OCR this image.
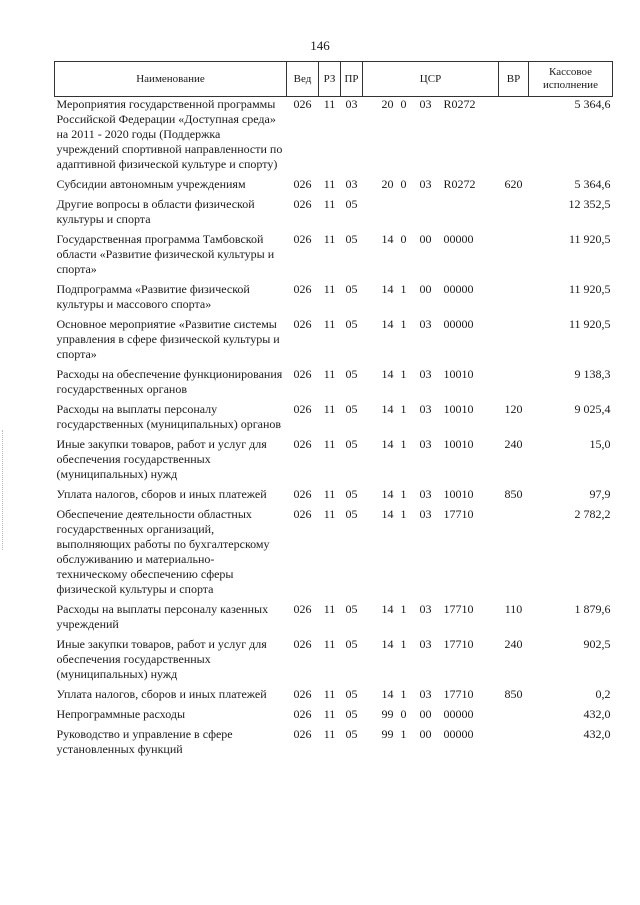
146
Наименование	Вед	РЗ	ПР	ЦСР	ВР	Кассовое исполнение
Мероприятия государственной программы Российской Федерации «Доступная среда» на 2011 - 2020 годы (Поддержка учреждений спортивной направленности по адаптивной физической культуре и спорту)	026	11	03	20 0 03 R0272		5 364,6
Субсидии автономным учреждениям	026	11	03	20 0 03 R0272	620	5 364,6
Другие вопросы в области физической культуры и спорта	026	11	05			12 352,5
Государственная программа Тамбовской области «Развитие физической культуры и спорта»	026	11	05	14 0 00 00000		11 920,5
Подпрограмма «Развитие физической культуры и массового спорта»	026	11	05	14 1 00 00000		11 920,5
Основное мероприятие «Развитие системы управления в сфере физической культуры и спорта»	026	11	05	14 1 03 00000		11 920,5
Расходы на обеспечение функционирования государственных органов	026	11	05	14 1 03 10010		9 138,3
Расходы на выплаты персоналу государственных (муниципальных) органов	026	11	05	14 1 03 10010	120	9 025,4
Иные закупки товаров, работ и услуг для обеспечения государственных (муниципальных) нужд	026	11	05	14 1 03 10010	240	15,0
Уплата налогов, сборов и иных платежей	026	11	05	14 1 03 10010	850	97,9
Обеспечение деятельности областных государственных организаций, выполняющих работы по бухгалтерскому обслуживанию и материально-техническому обеспечению сферы физической культуры и спорта	026	11	05	14 1 03 17710		2 782,2
Расходы на выплаты персоналу казенных учреждений	026	11	05	14 1 03 17710	110	1 879,6
Иные закупки товаров, работ и услуг для обеспечения государственных (муниципальных) нужд	026	11	05	14 1 03 17710	240	902,5
Уплата налогов, сборов и иных платежей	026	11	05	14 1 03 17710	850	0,2
Непрограммные расходы	026	11	05	99 0 00 00000		432,0
Руководство и управление в сфере установленных функций	026	11	05	99 1 00 00000		432,0
